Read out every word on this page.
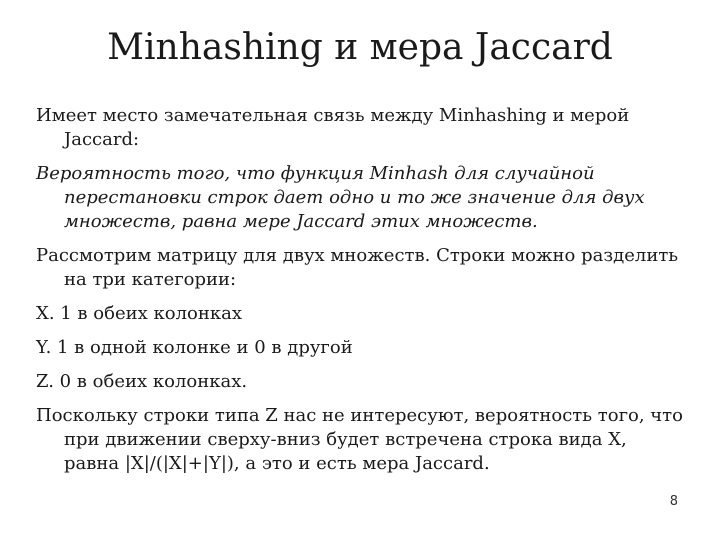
Minhashing и мера Jaccard

Имеет место замечательная связь между Minhashing и мерой Jaccard:

Вероятность того, что функция Minhash для случайной перестановки строк дает одно и то же значение для двух множеств, равна мере Jaccard этих множеств.

Рассмотрим матрицу для двух множеств. Строки можно разделить на три категории:

X. 1 в обеих колонках

Y. 1 в одной колонке и 0 в другой

Z. 0 в обеих колонках.

Поскольку строки типа Z нас не интересуют, вероятность того, что при движении сверху-вниз будет встречена строка вида X, равна |X|/(|X|+|Y|), а это и есть мера Jaccard.

8
